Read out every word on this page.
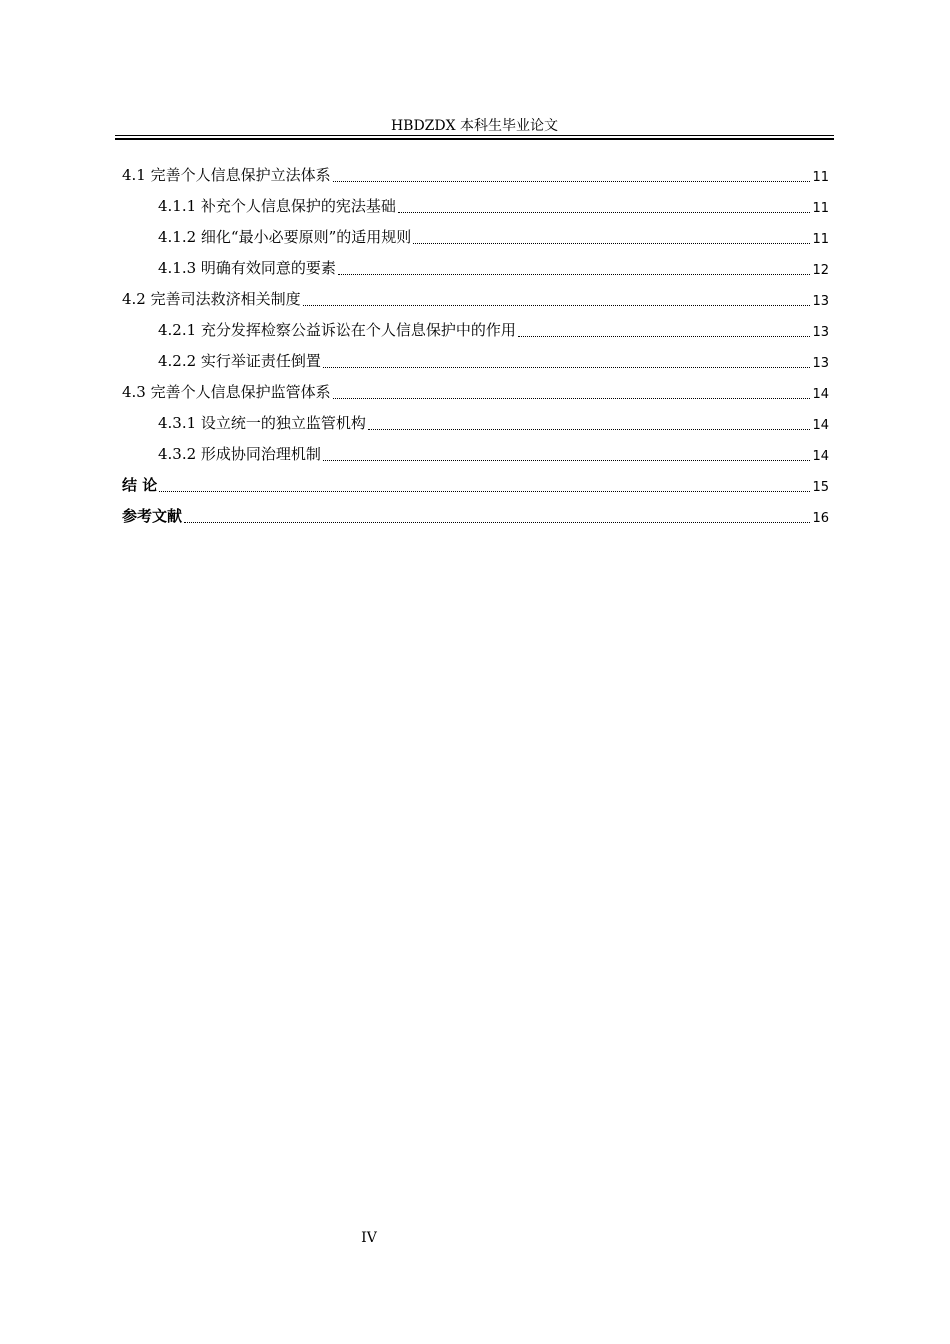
HBDZDX 本科生毕业论文
4.1 完善个人信息保护立法体系	11
4.1.1 补充个人信息保护的宪法基础	11
4.1.2 细化“最小必要原则”的适用规则	11
4.1.3 明确有效同意的要素	12
4.2 完善司法救济相关制度	13
4.2.1 充分发挥检察公益诉讼在个人信息保护中的作用	13
4.2.2 实行举证责任倒置	13
4.3 完善个人信息保护监管体系	14
4.3.1 设立统一的独立监管机构	14
4.3.2 形成协同治理机制	14
结 论	15
参考文献	16
IV
